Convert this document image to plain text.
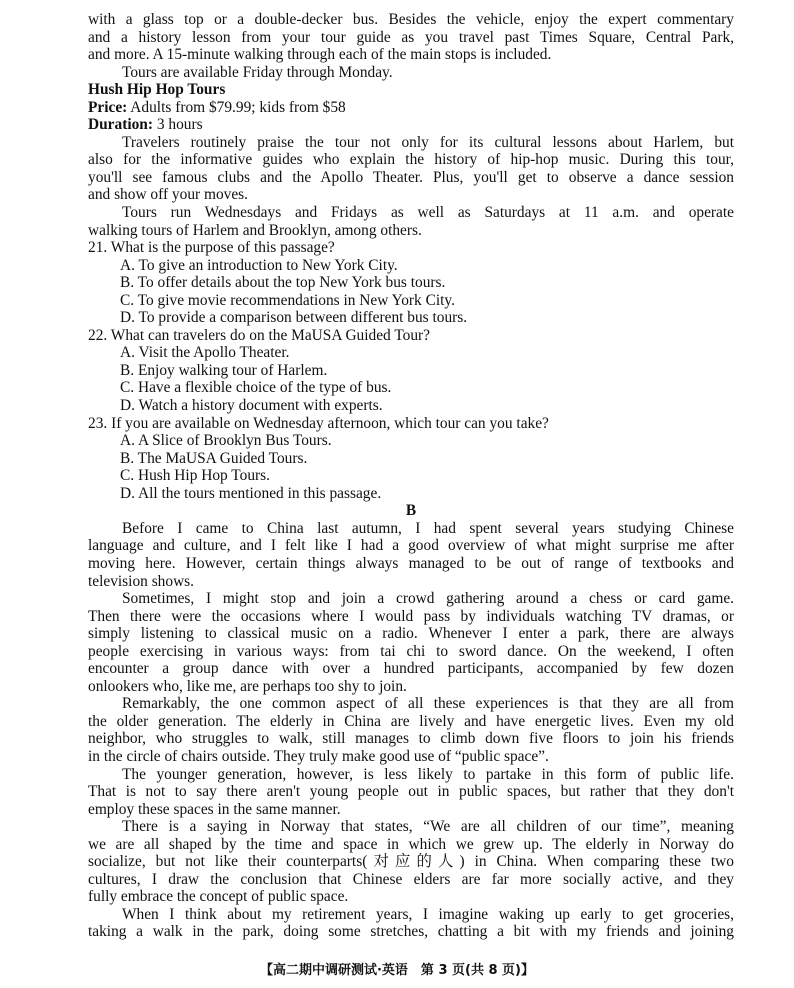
with a glass top or a double-decker bus. Besides the vehicle, enjoy the expert commentary

and a history lesson from your tour guide as you travel past Times Square, Central Park,

and more. A 15-minute walking through each of the main stops is included.

Tours are available Friday through Monday.

Hush Hip Hop Tours

Price: Adults from $79.99; kids from $58

Duration: 3 hours

Travelers routinely praise the tour not only for its cultural lessons about Harlem, but

also for the informative guides who explain the history of hip-hop music. During this tour,

you'll see famous clubs and the Apollo Theater. Plus, you'll get to observe a dance session

and show off your moves.

Tours run Wednesdays and Fridays as well as Saturdays at 11 a.m. and operate

walking tours of Harlem and Brooklyn, among others.

21. What is the purpose of this passage?

A. To give an introduction to New York City.

B. To offer details about the top New York bus tours.

C. To give movie recommendations in New York City.

D. To provide a comparison between different bus tours.

22. What can travelers do on the MaUSA Guided Tour?

A. Visit the Apollo Theater.

B. Enjoy walking tour of Harlem.

C. Have a flexible choice of the type of bus.

D. Watch a history document with experts.

23. If you are available on Wednesday afternoon, which tour can you take?

A. A Slice of Brooklyn Bus Tours.

B. The MaUSA Guided Tours.

C. Hush Hip Hop Tours.

D. All the tours mentioned in this passage.

B

Before I came to China last autumn, I had spent several years studying Chinese

language and culture, and I felt like I had a good overview of what might surprise me after

moving here. However, certain things always managed to be out of range of textbooks and

television shows.

Sometimes, I might stop and join a crowd gathering around a chess or card game.

Then there were the occasions where I would pass by individuals watching TV dramas, or

simply listening to classical music on a radio. Whenever I enter a park, there are always

people exercising in various ways: from tai chi to sword dance. On the weekend, I often

encounter a group dance with over a hundred participants, accompanied by few dozen

onlookers who, like me, are perhaps too shy to join.

Remarkably, the one common aspect of all these experiences is that they are all from

the older generation. The elderly in China are lively and have energetic lives. Even my old

neighbor, who struggles to walk, still manages to climb down five floors to join his friends

in the circle of chairs outside. They truly make good use of “public space”.

The younger generation, however, is less likely to partake in this form of public life.

That is not to say there aren't young people out in public spaces, but rather that they don't

employ these spaces in the same manner.

There is a saying in Norway that states, “We are all children of our time”, meaning

we are all shaped by the time and space in which we grew up. The elderly in Norway do

socialize, but not like their counterparts(对应的人) in China. When comparing these two

cultures, I draw the conclusion that Chinese elders are far more socially active, and they

fully embrace the concept of public space.

When I think about my retirement years, I imagine waking up early to get groceries,

taking a walk in the park, doing some stretches, chatting a bit with my friends and joining

【高二期中调研测试·英语　第 3 页(共 8 页)】
